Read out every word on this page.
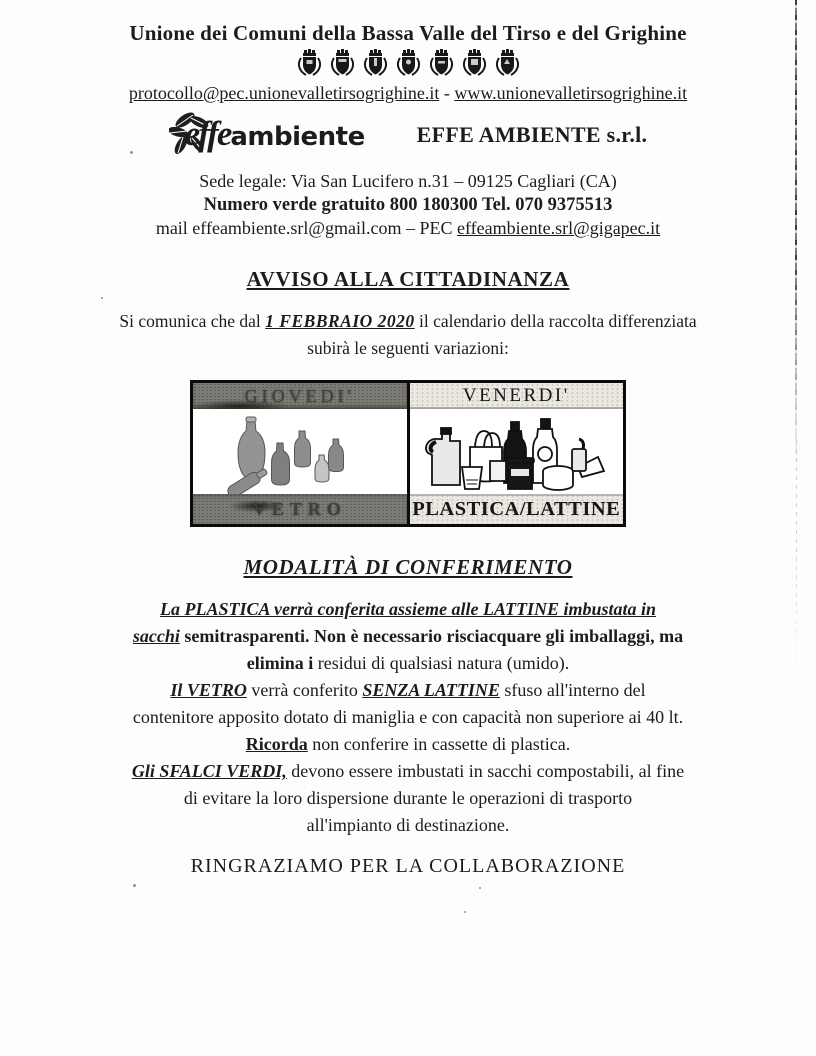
Unione dei Comuni della Bassa Valle del Tirso e del Grighine

protocollo@pec.unionevalletirsogrighine.it - www.unionevalletirsogrighine.it
effeambiente EFFE AMBIENTE s.r.l.
Sede legale: Via San Lucifero n.31 – 09125 Cagliari (CA)
Numero verde gratuito 800 180300 Tel. 070 9375513
mail effeambiente.srl@gmail.com – PEC effeambiente.srl@gigapec.it
AVVISO ALLA CITTADINANZA
Si comunica che dal 1 FEBBRAIO 2020 il calendario della raccolta differenziata
subirà le seguenti variazioni:
GIOVEDI'
VETRO
VENERDI'
PLASTICA/LATTINE
MODALITÀ DI CONFERIMENTO

La PLASTICA verrà conferita assieme alle LATTINE imbustata in
sacchi semitrasparenti. Non è necessario risciacquare gli imballaggi, ma
elimina i residui di qualsiasi natura (umido).

Il VETRO verrà conferito SENZA LATTINE sfuso all'interno del
contenitore apposito dotato di maniglia e con capacità non superiore ai 40 lt.
Ricorda non conferire in cassette di plastica.

Gli SFALCI VERDI, devono essere imbustati in sacchi compostabili, al fine
di evitare la loro dispersione durante le operazioni di trasporto
all'impianto di destinazione.

RINGRAZIAMO PER LA COLLABORAZIONE
